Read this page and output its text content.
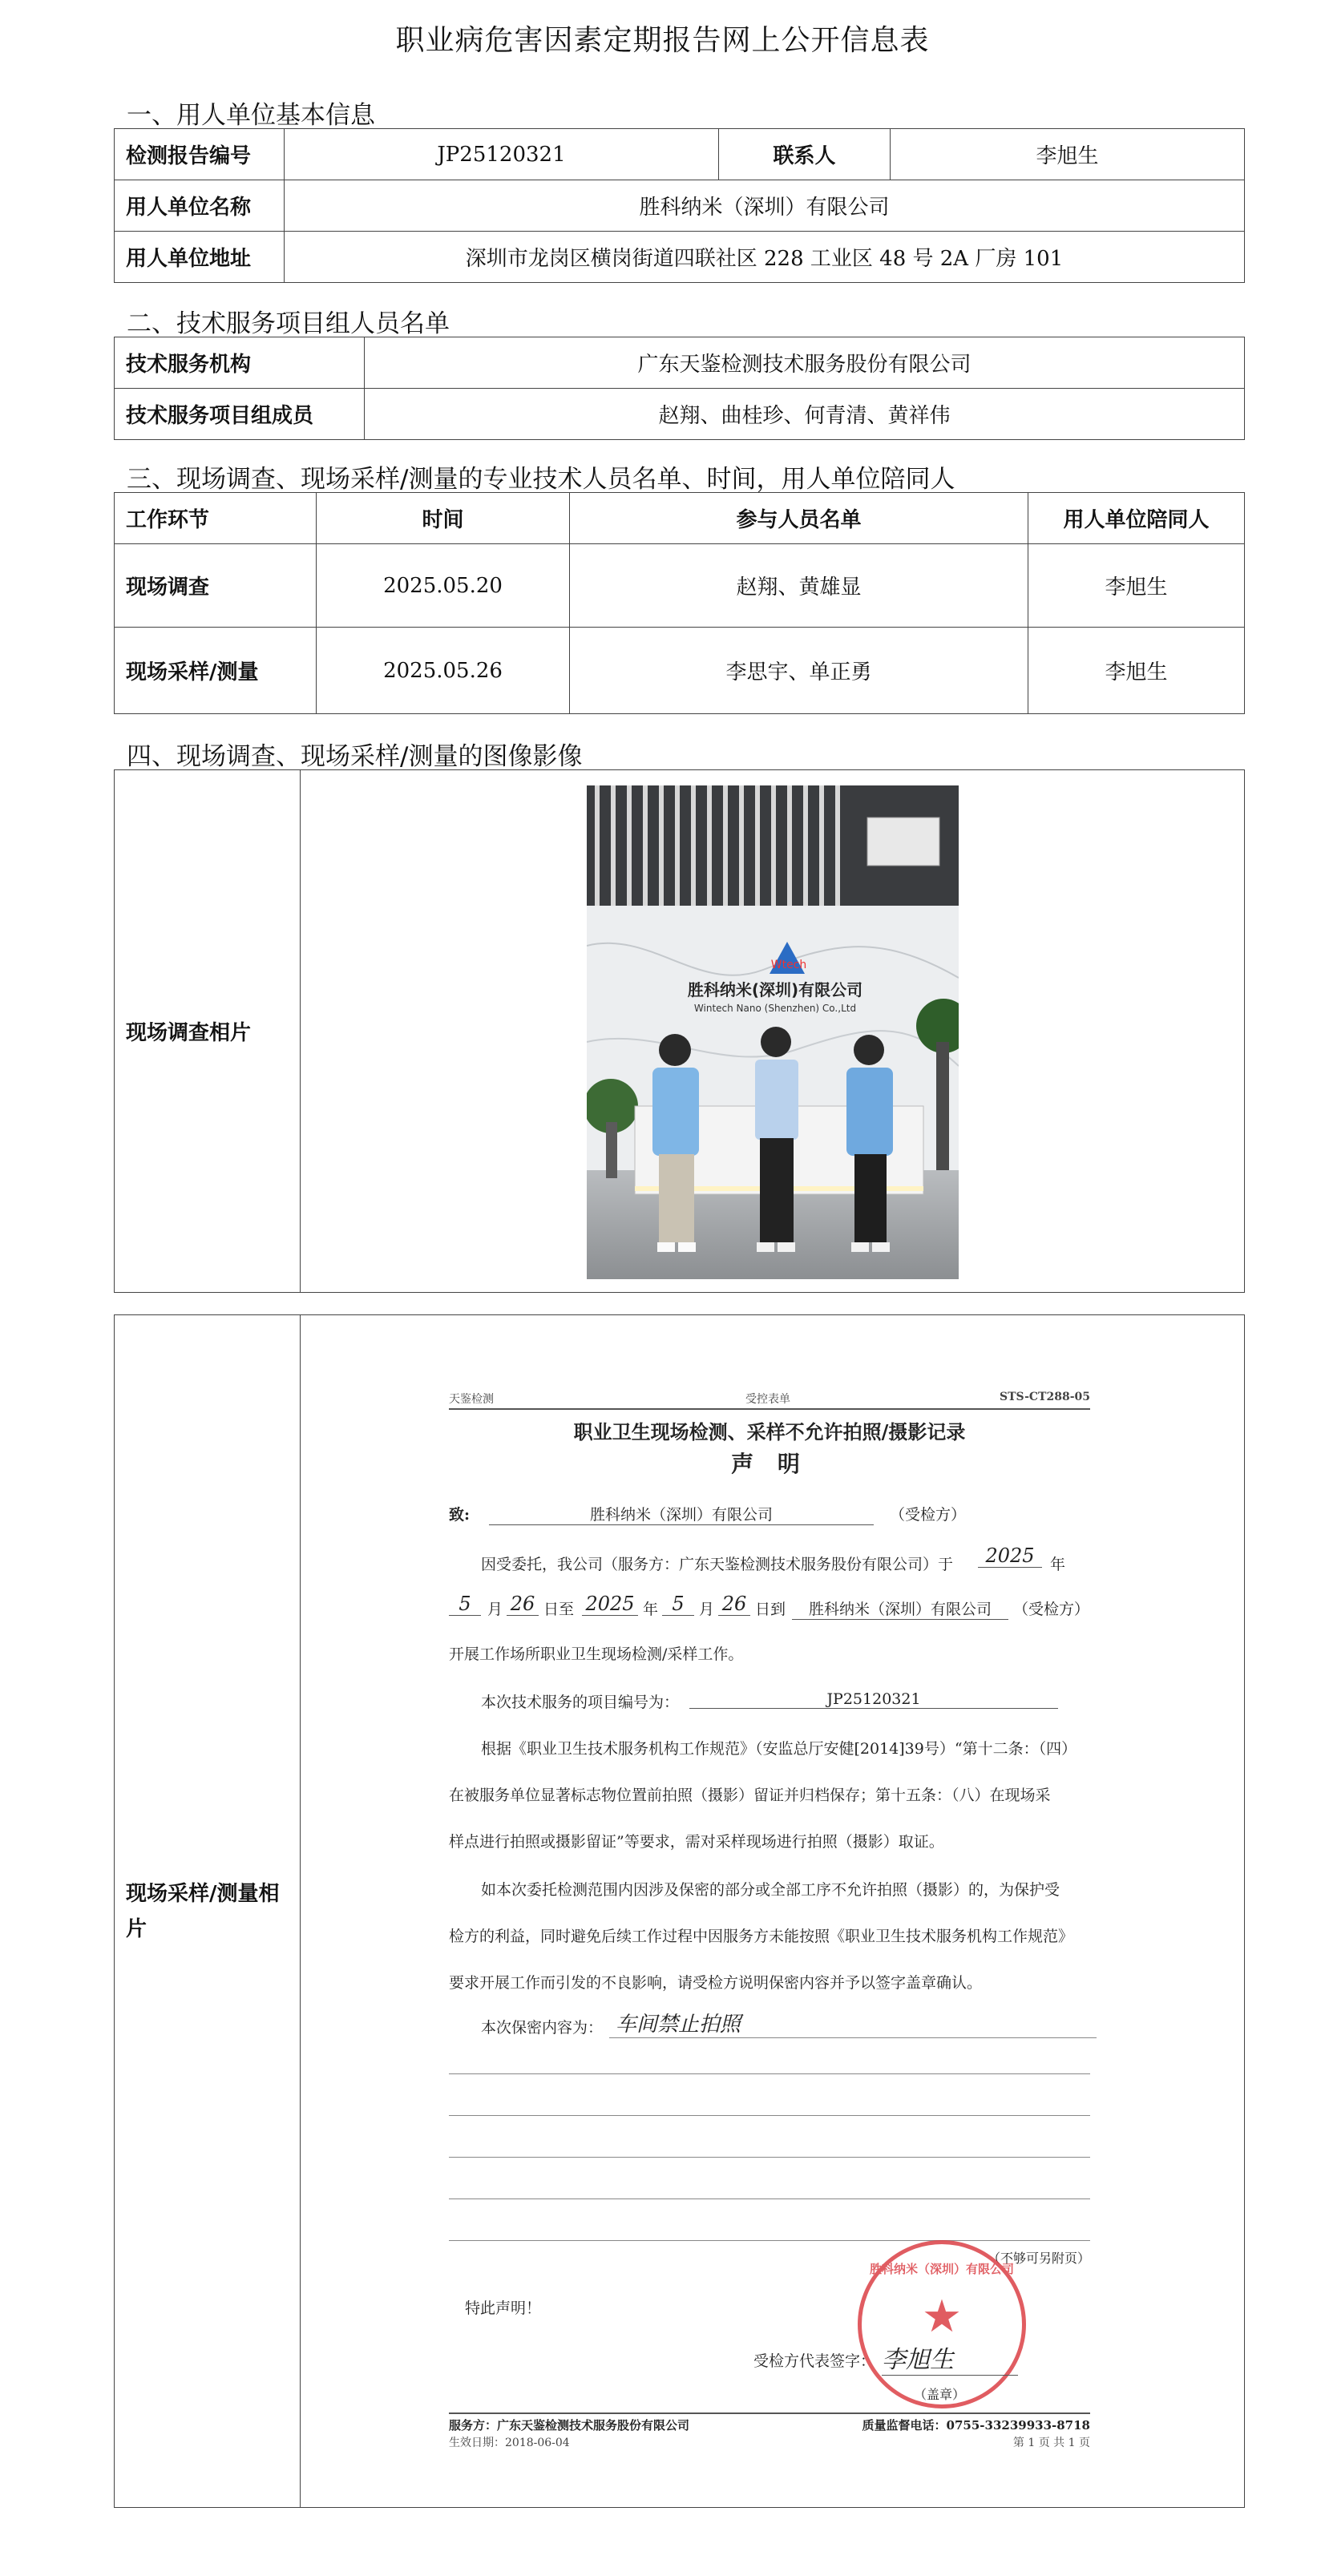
职业病危害因素定期报告网上公开信息表
一、用人单位基本信息
检测报告编号	JP25120321	联系人	李旭生
用人单位名称	胜科纳米（深圳）有限公司		
用人单位地址	深圳市龙岗区横岗街道四联社区 228 工业区 48 号 2A 厂房 101		
二、技术服务项目组人员名单
技术服务机构	广东天鉴检测技术服务股份有限公司
技术服务项目组成员	赵翔、曲桂珍、何青清、黄祥伟
三、现场调查、现场采样/测量的专业技术人员名单、时间，用人单位陪同人
工作环节	时间	参与人员名单	用人单位陪同人
现场调查	2025.05.20	赵翔、黄雄显	李旭生
现场采样/测量	2025.05.26	李思宇、单正勇	李旭生
四、现场调查、现场采样/测量的图像影像
现场调查相片	
Wtech
胜科纳米(深圳)有限公司
Wintech Nano (Shenzhen) Co.,Ltd
现场采样/测量相片	
天鉴检测	受控表单	STS-CT288-05
职业卫生现场检测、采样不允许拍照/摄影记录
声 明
致:	胜科纳米（深圳）有限公司	（受检方）
因受委托，我公司（服务方：广东天鉴检测技术服务股份有限公司）于	2025	年
5	月 26 日至 2025 年 5 月 26 日到	胜科纳米（深圳）有限公司	（受检方）
开展工作场所职业卫生现场检测/采样工作。
本次技术服务的项目编号为：	JP25120321
根据《职业卫生技术服务机构工作规范》（安监总厅安健[2014]39号）“第十二条：（四）
在被服务单位显著标志物位置前拍照（摄影）留证并归档保存；第十五条：（八）在现场采
样点进行拍照或摄影留证”等要求，需对采样现场进行拍照（摄影）取证。
如本次委托检测范围内因涉及保密的部分或全部工序不允许拍照（摄影）的，为保护受
检方的利益，同时避免后续工作过程中因服务方未能按照《职业卫生技术服务机构工作规范》
要求开展工作而引发的不良影响，请受检方说明保密内容并予以签字盖章确认。
本次保密内容为： 车间禁止拍照
（不够可另附页）
特此声明！
胜科纳米（深圳）有限公司
★
受检方代表签字： 李旭生
（盖章）
服务方：广东天鉴检测技术服务股份有限公司	质量监督电话：0755-33239933-8718
生效日期：2018-06-04	第 1 页 共 1 页
